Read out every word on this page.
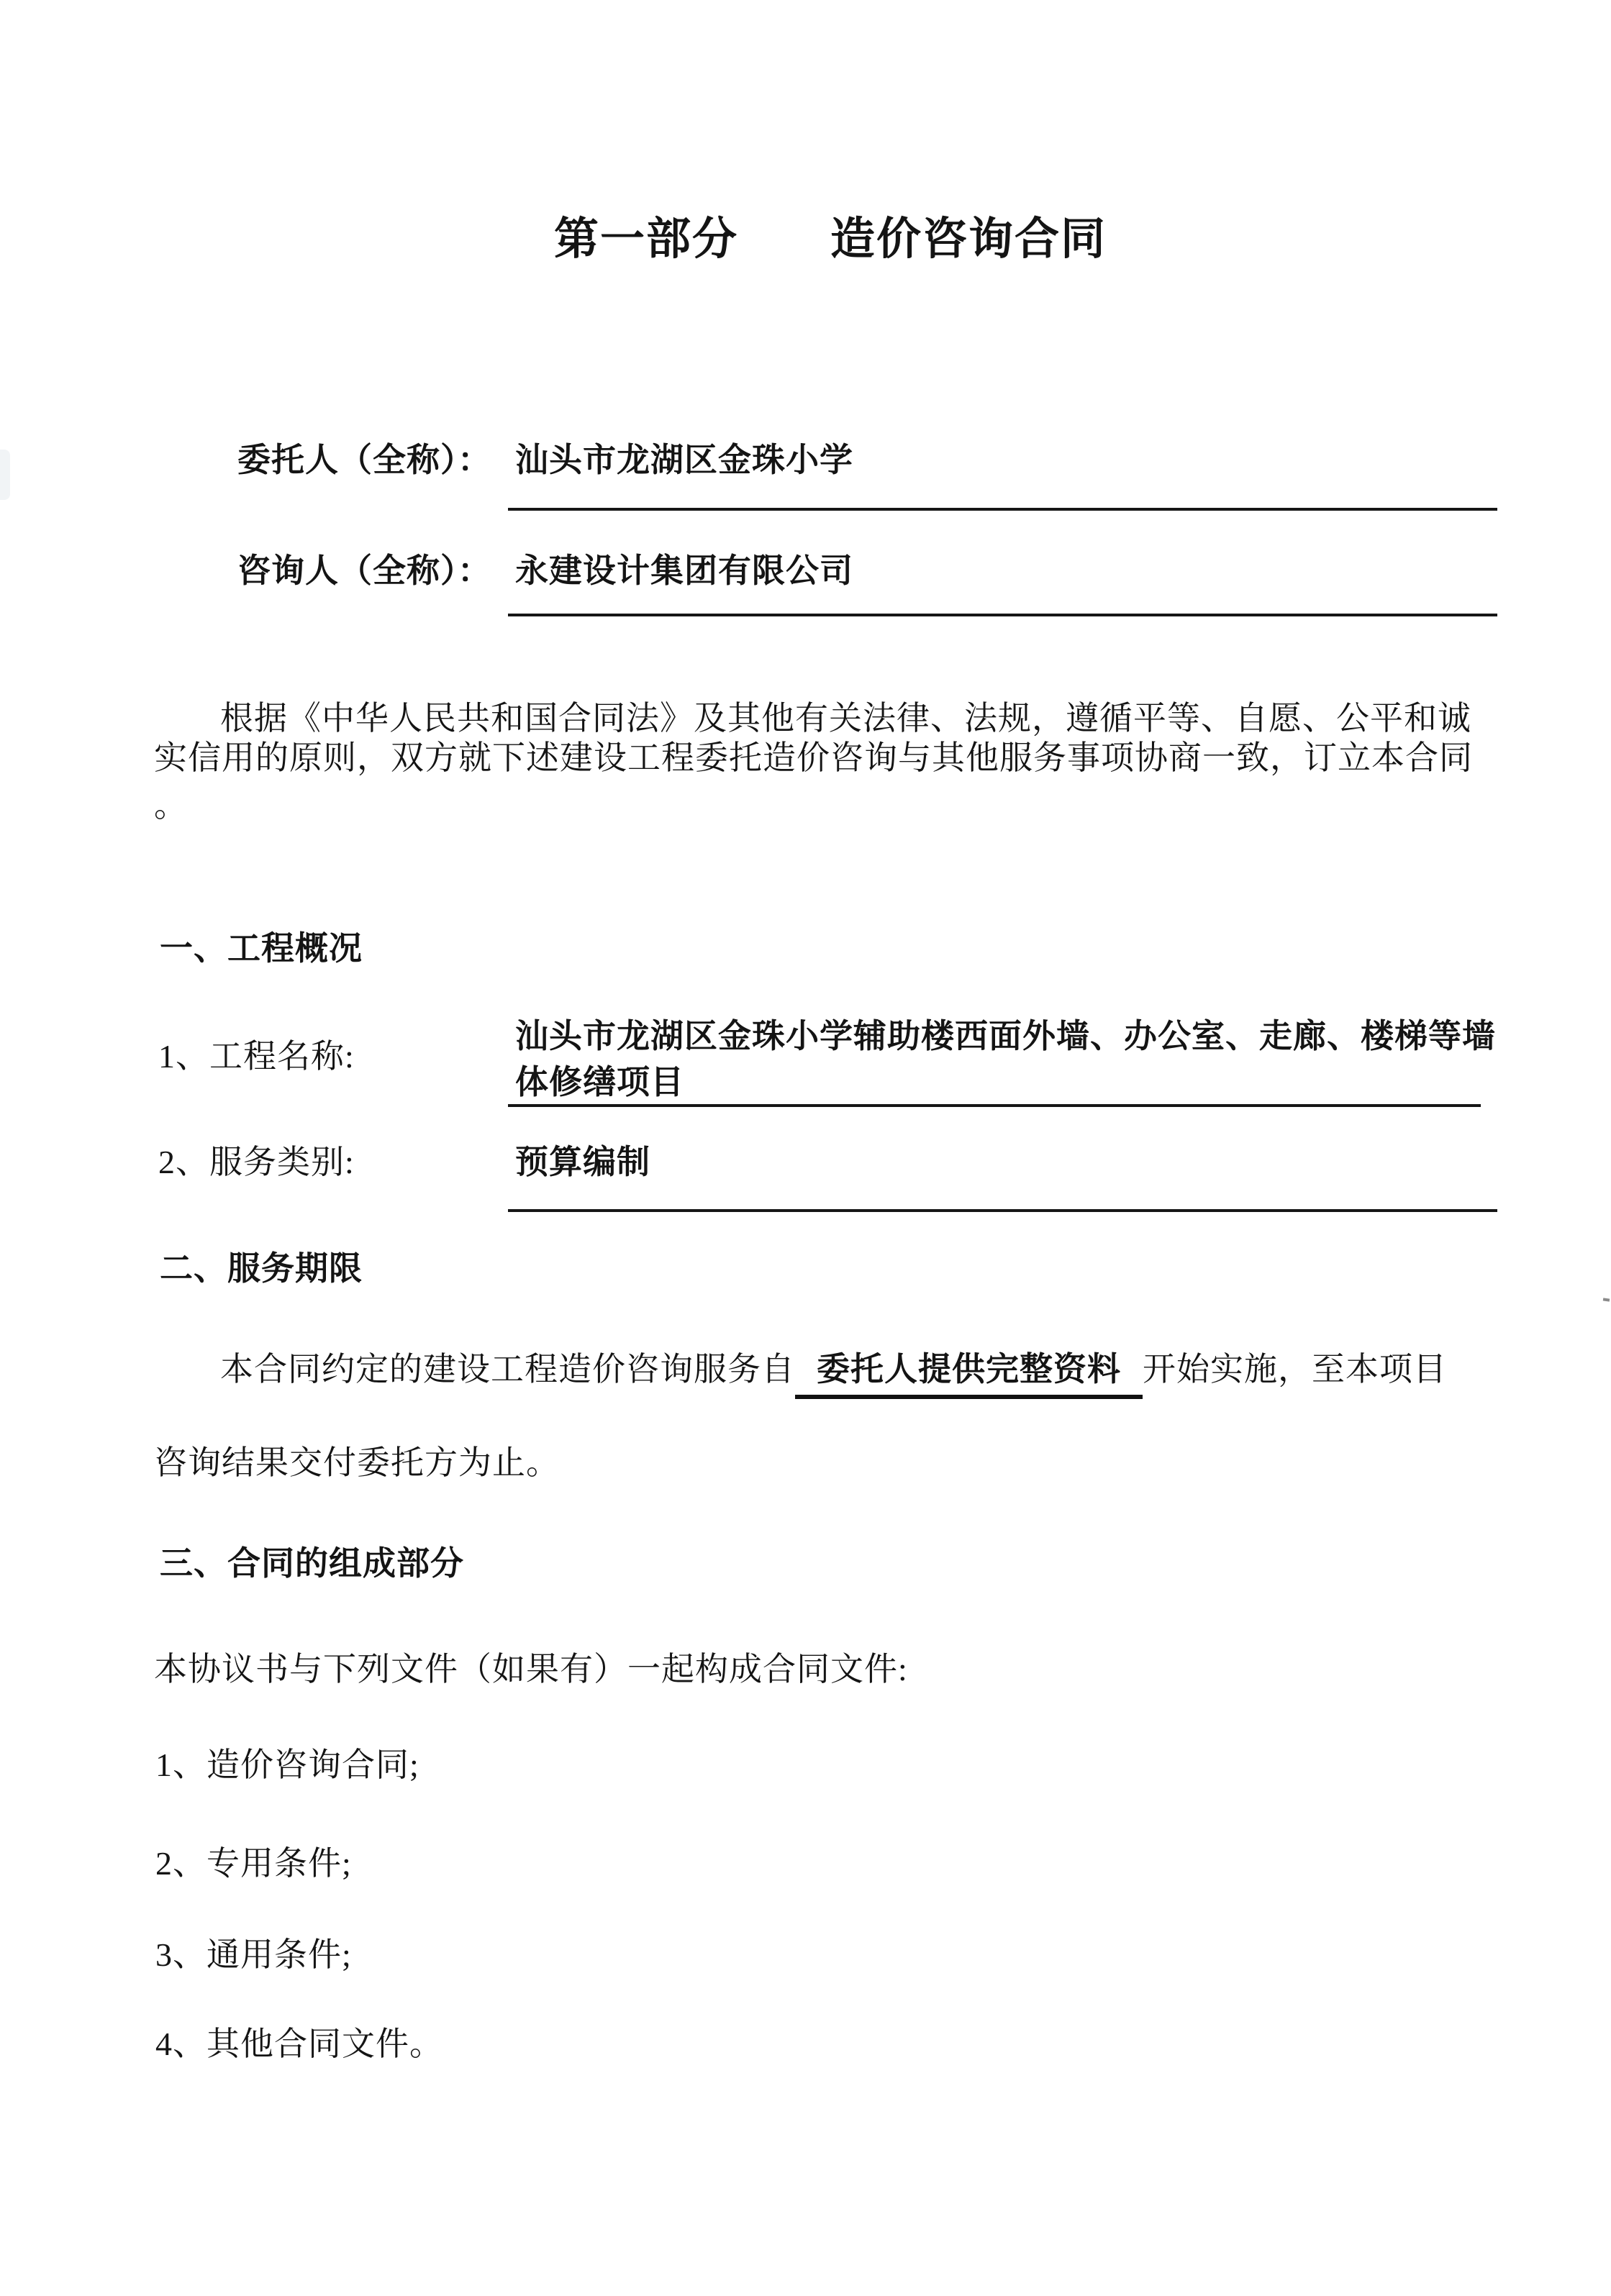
第一部分　　造价咨询合同
委托人（全称）： 汕头市龙湖区金珠小学
咨询人（全称）： 永建设计集团有限公司
根据《中华人民共和国合同法》及其他有关法律、法规，遵循平等、自愿、公平和诚
实信用的原则，双方就下述建设工程委托造价咨询与其他服务事项协商一致，订立本合同
。
一、工程概况
1、工程名称:
汕头市龙湖区金珠小学辅助楼西面外墙、办公室、走廊、楼梯等墙
体修缮项目
2、服务类别:	预算编制
二、服务期限
本合同约定的建设工程造价咨询服务自 委托人提供完整资料 开始实施，至本项目
咨询结果交付委托方为止。
三、合同的组成部分
本协议书与下列文件（如果有）一起构成合同文件:
1、造价咨询合同;
2、专用条件;
3、通用条件;
4、其他合同文件。
